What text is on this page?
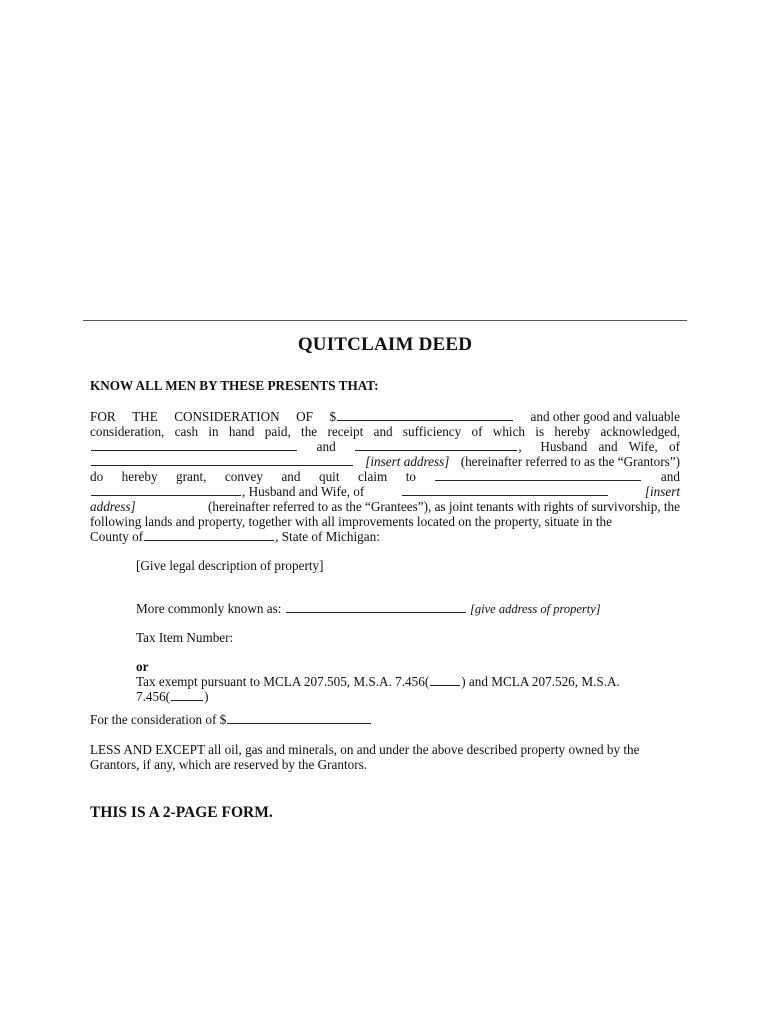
QUITCLAIM DEED
KNOW ALL MEN BY THESE PRESENTS THAT:
FOR THE CONSIDERATION OF $	and other good and valuable
consideration, cash in hand paid, the receipt and sufficiency of which is hereby acknowledged,
and	, Husband and Wife, of
[insert address] (hereinafter referred to as the “Grantors”)
do hereby grant, convey and quit claim to	and
, Husband and Wife, of	[insert
address]	(hereinafter referred to as the “Grantees”), as joint tenants with rights of survivorship, the
following lands and property, together with all improvements located on the property, situate in the
County of	, State of Michigan:
[Give legal description of property]
More commonly known as:	[give address of property]
Tax Item Number:
or
Tax exempt pursuant to MCLA 207.505, M.S.A. 7.456( ) and MCLA 207.526, M.S.A.
7.456(	)
For the consideration of $
LESS AND EXCEPT all oil, gas and minerals, on and under the above described property owned by the
Grantors, if any, which are reserved by the Grantors.
THIS IS A 2-PAGE FORM.
